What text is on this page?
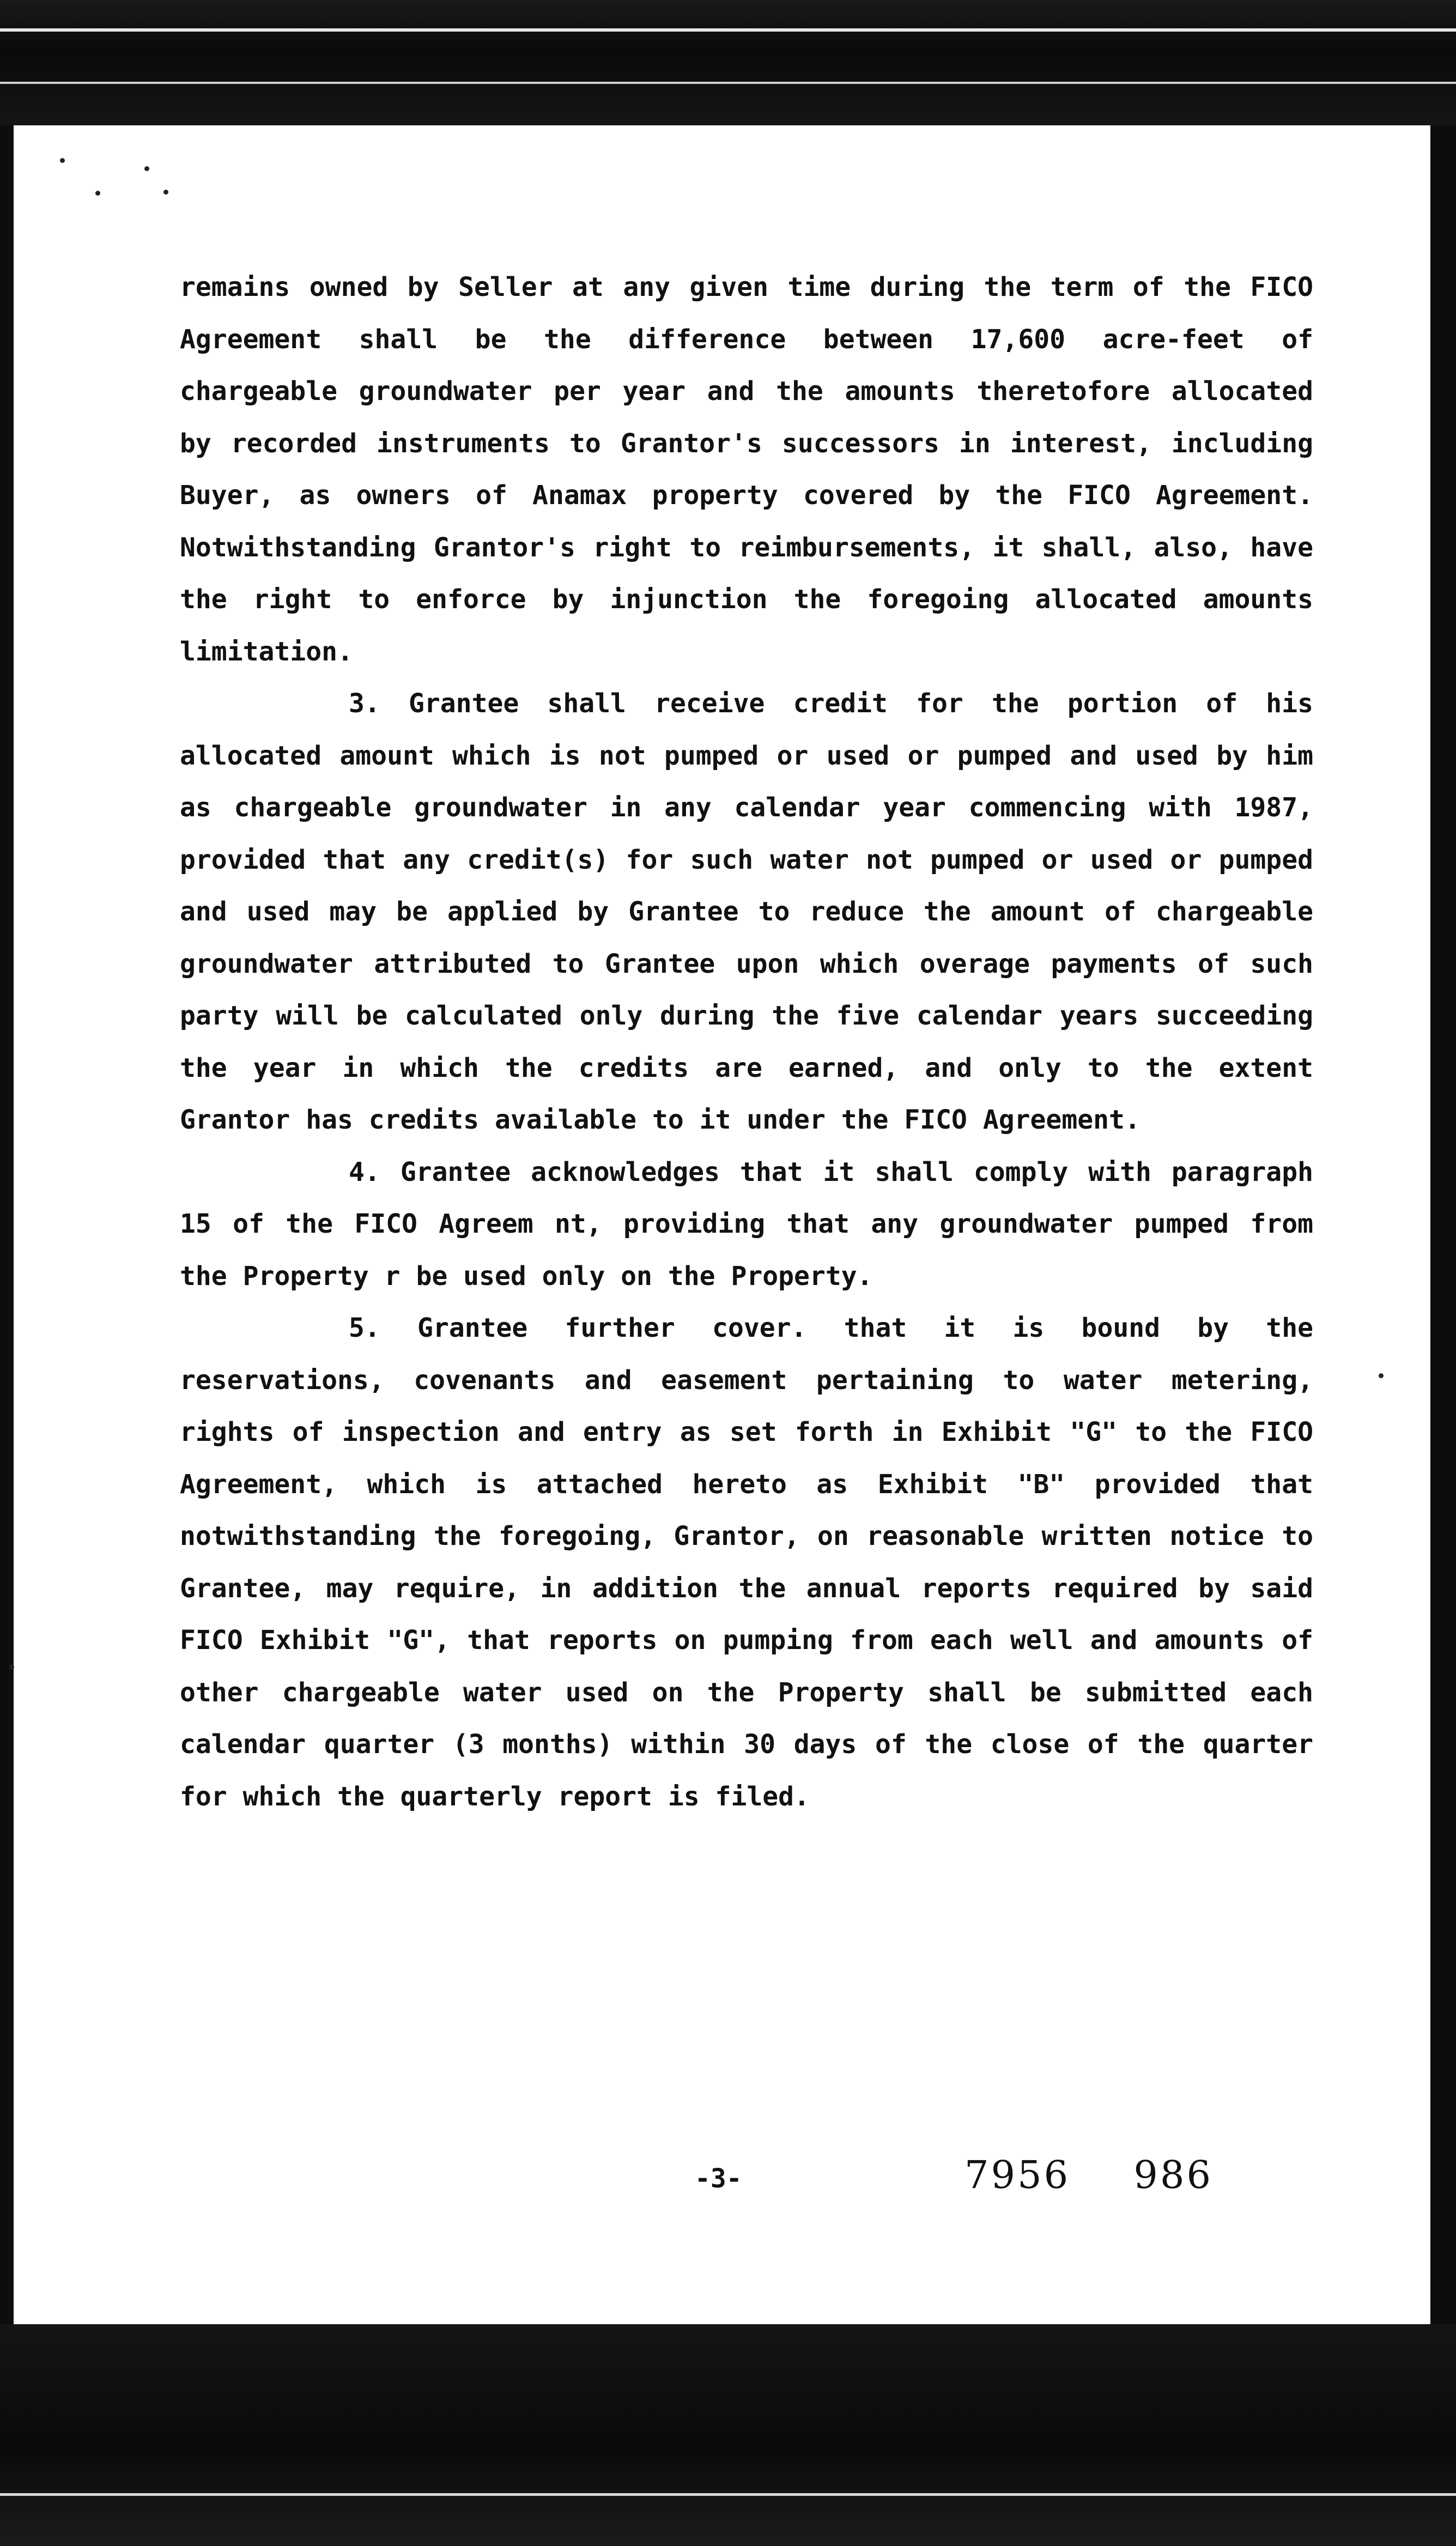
remains owned by Seller at any given time during the term of the FICO Agreement shall be the difference between 17,600 acre-feet of chargeable groundwater per year and the amounts theretofore allocated by recorded instruments to Grantor's successors in interest, including Buyer, as owners of Anamax property covered by the FICO Agreement. Notwithstanding Grantor's right to reimbursements, it shall, also, have the right to enforce by injunction the foregoing allocated amounts limitation.

3. Grantee shall receive credit for the portion of his allocated amount which is not pumped or used or pumped and used by him as chargeable groundwater in any calendar year commencing with 1987, provided that any credit(s) for such water not pumped or used or pumped and used may be applied by Grantee to reduce the amount of chargeable groundwater attributed to Grantee upon which overage payments of such party will be calculated only during the five calendar years succeeding the year in which the credits are earned, and only to the extent Grantor has credits available to it under the FICO Agreement.

4. Grantee acknowledges that it shall comply with paragraph 15 of the FICO Agreem nt, providing that any groundwater pumped from the Property r be used only on the Property.

5. Grantee further cover. that it is bound by the reservations, covenants and easement pertaining to water metering, rights of inspection and entry as set forth in Exhibit "G" to the FICO Agreement, which is attached hereto as Exhibit "B" provided that notwithstanding the foregoing, Grantor, on reasonable written notice to Grantee, may require, in addition the annual reports required by said FICO Exhibit "G", that reports on pumping from each well and amounts of other chargeable water used on the Property shall be submitted each calendar quarter (3 months) within 30 days of the close of the quarter for which the quarterly report is filed.

-3-	7956 986
